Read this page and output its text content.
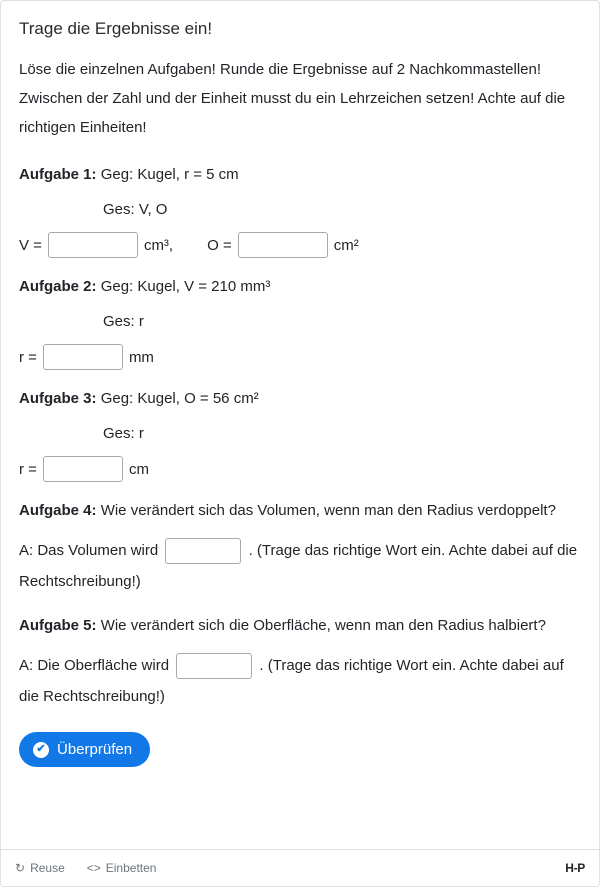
Trage die Ergebnisse ein!

Löse die einzelnen Aufgaben! Runde die Ergebnisse auf 2 Nachkommastellen! Zwischen der Zahl und der Einheit musst du ein Lehrzeichen setzen! Achte auf die richtigen Einheiten!

Aufgabe 1: Geg: Kugel, r = 5 cm

Ges: V, O

V =	cm³, O =	cm²

Aufgabe 2: Geg: Kugel, V = 210 mm³

Ges: r

r =	mm

Aufgabe 3: Geg: Kugel, O = 56 cm²

Ges: r

r =	cm

Aufgabe 4: Wie verändert sich das Volumen, wenn man den Radius verdoppelt?

A: Das Volumen wird	. (Trage das richtige Wort ein. Achte dabei auf die Rechtschreibung!)

Aufgabe 5: Wie verändert sich die Oberfläche, wenn man den Radius halbiert?

A: Die Oberfläche wird	. (Trage das richtige Wort ein. Achte dabei auf die Rechtschreibung!)

✔ Überprüfen
↻ Reuse <> Einbetten	H-P
